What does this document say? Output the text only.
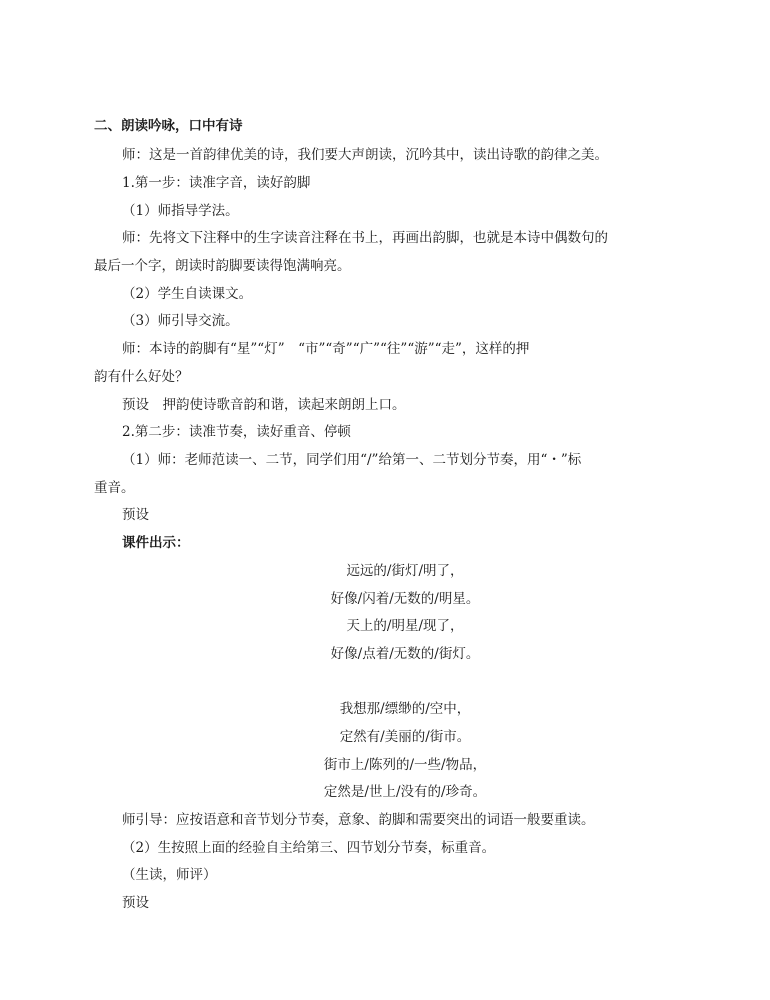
二、朗读吟咏，口中有诗
师：这是一首韵律优美的诗，我们要大声朗读，沉吟其中，读出诗歌的韵律之美。
1.第一步：读准字音，读好韵脚
（1）师指导学法。
师：先将文下注释中的生字读音注释在书上，再画出韵脚，也就是本诗中偶数句的
最后一个字，朗读时韵脚要读得饱满响亮。
（2）学生自读课文。
（3）师引导交流。
师：本诗的韵脚有“星”“灯”　“市”“奇”“广”“往”“游”“走”，这样的押
韵有什么好处？
预设　押韵使诗歌音韵和谐，读起来朗朗上口。
2.第二步：读准节奏，读好重音、停顿
（1）师：老师范读一、二节，同学们用“/”给第一、二节划分节奏，用“・”标
重音。
预设
课件出示：
远远的/街灯/明了，
好像/闪着/无数的/明星。
天上的/明星/现了，
好像/点着/无数的/街灯。
我想那/缥缈的/空中，
定然有/美丽的/街市。
街市上/陈列的/一些/物品，
定然是/世上/没有的/珍奇。
师引导：应按语意和音节划分节奏，意象、韵脚和需要突出的词语一般要重读。
（2）生按照上面的经验自主给第三、四节划分节奏，标重音。
（生读，师评）
预设
